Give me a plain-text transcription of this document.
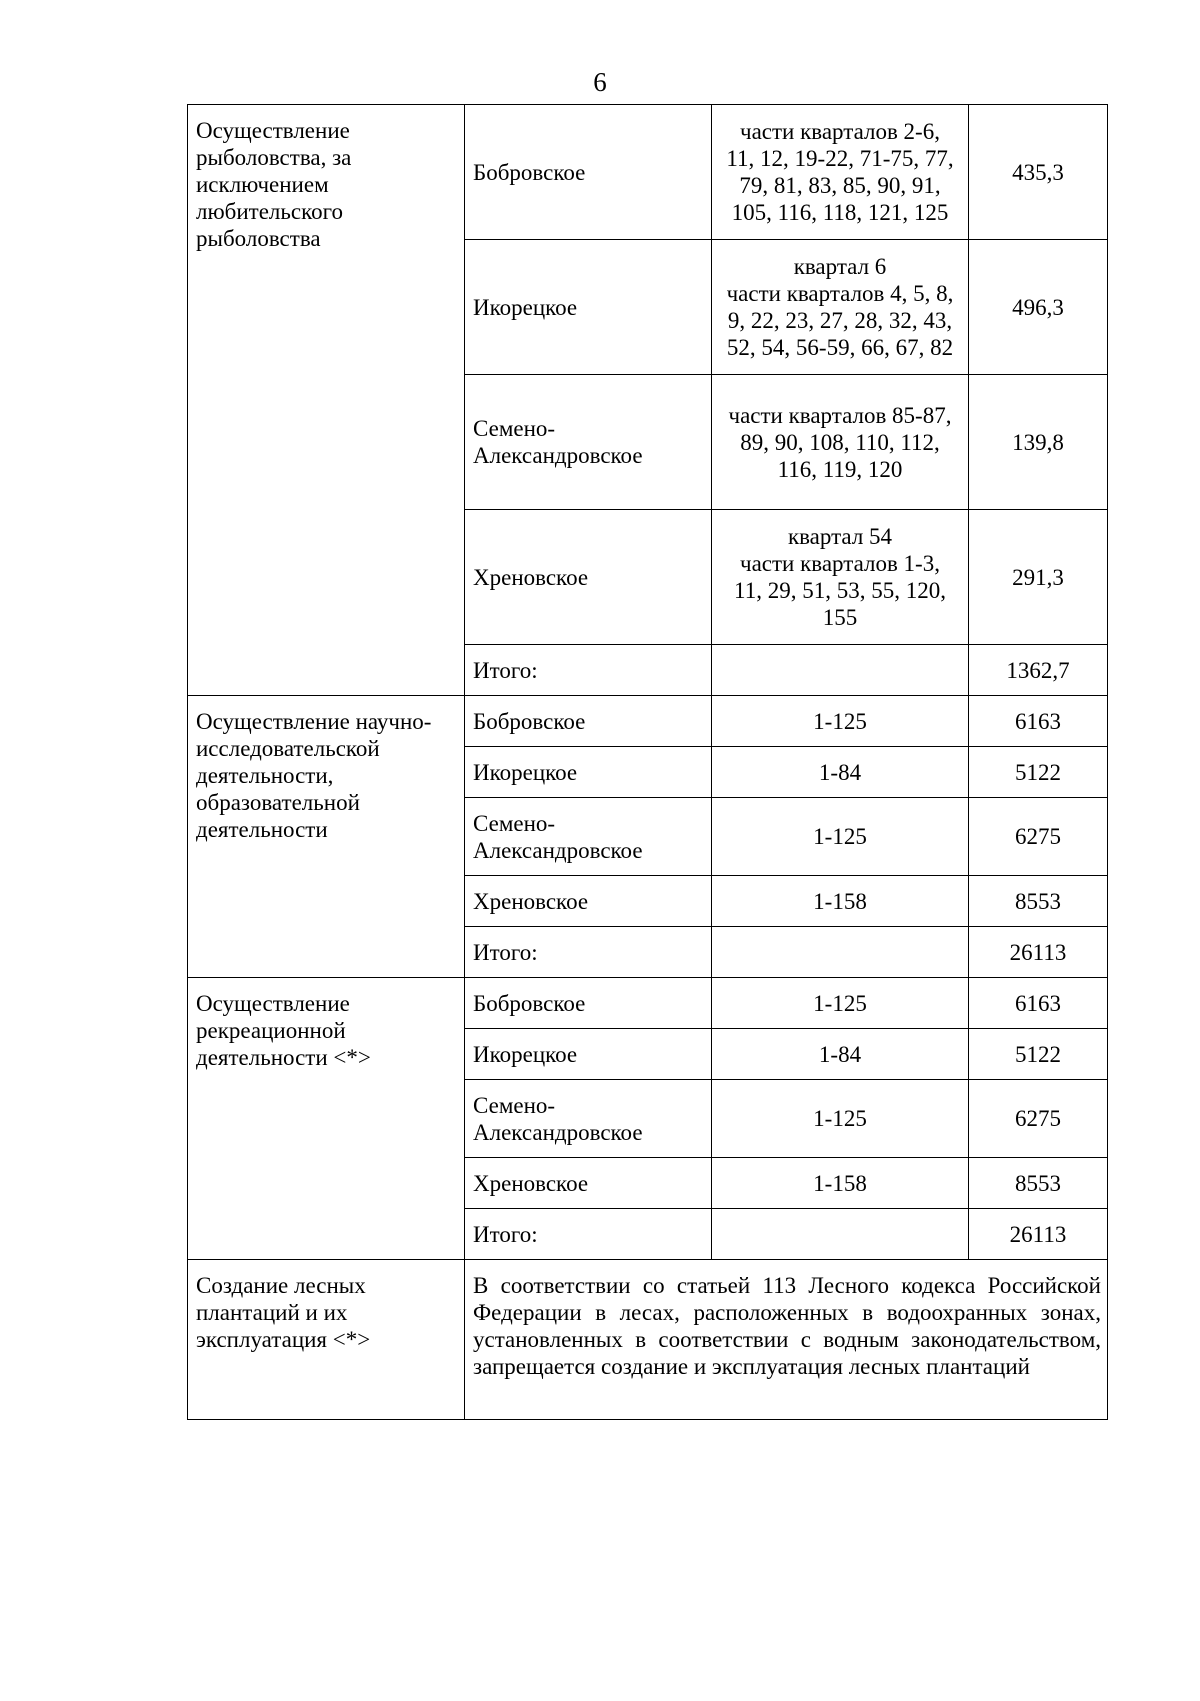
6
Осуществление рыболовства, за исключением любительского рыболовства	Бобровское	части кварталов 2-6,
11, 12, 19-22, 71-75, 77,
79, 81, 83, 85, 90, 91,
105, 116, 118, 121, 125	435,3
	Икорецкое	квартал 6
части кварталов 4, 5, 8,
9, 22, 23, 27, 28, 32, 43,
52, 54, 56-59, 66, 67, 82	496,3
	Семено-Александровское	части кварталов 85-87,
89, 90, 108, 110, 112,
116, 119, 120	139,8
	Хреновское	квартал 54
части кварталов 1-3,
11, 29, 51, 53, 55, 120,
155	291,3
	Итого:		1362,7
Осуществление научно-исследовательской деятельности, образовательной деятельности	Бобровское	1-125	6163
	Икорецкое	1-84	5122
	Семено-Александровское	1-125	6275
	Хреновское	1-158	8553
	Итого:		26113
Осуществление рекреационной деятельности <*>	Бобровское	1-125	6163
	Икорецкое	1-84	5122
	Семено-Александровское	1-125	6275
	Хреновское	1-158	8553
	Итого:		26113
Создание лесных плантаций и их эксплуатация <*>	В соответствии со статьей 113 Лесного кодекса Российской Федерации в лесах, расположенных в водоохранных зонах, установленных в соответствии с водным законодательством, запрещается создание и эксплуатация лесных плантаций		
